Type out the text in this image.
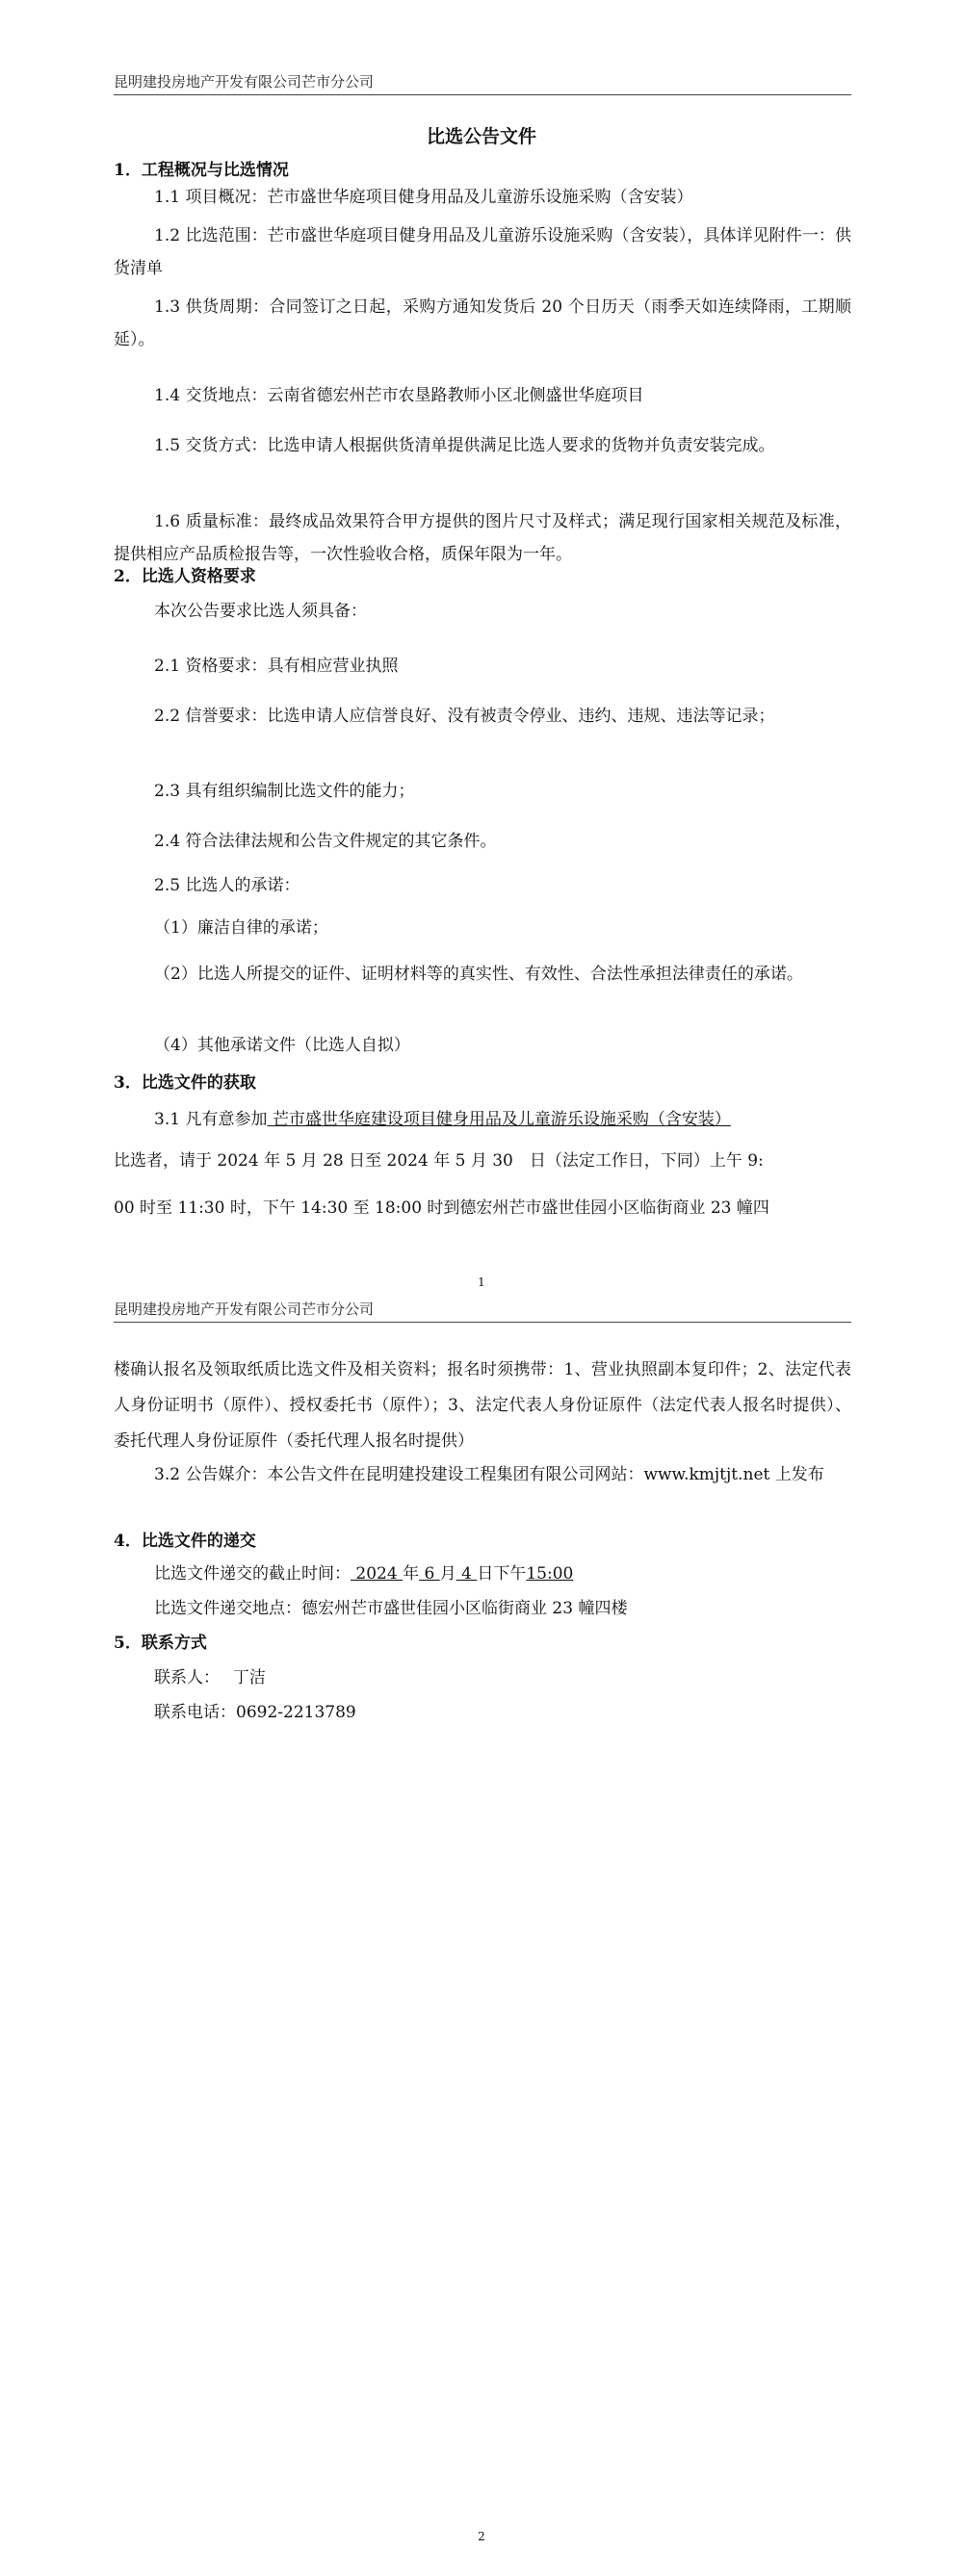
昆明建投房地产开发有限公司芒市分公司
比选公告文件
1．工程概况与比选情况
1.1 项目概况：芒市盛世华庭项目健身用品及儿童游乐设施采购（含安装）
1.2 比选范围：芒市盛世华庭项目健身用品及儿童游乐设施采购（含安装），具体详见附件一：供货清单
1.3 供货周期：合同签订之日起，采购方通知发货后 20 个日历天（雨季天如连续降雨，工期顺延）。
1.4 交货地点：云南省德宏州芒市农垦路教师小区北侧盛世华庭项目
1.5 交货方式：比选申请人根据供货清单提供满足比选人要求的货物并负责安装完成。
1.6 质量标准：最终成品效果符合甲方提供的图片尺寸及样式；满足现行国家相关规范及标准，提供相应产品质检报告等，一次性验收合格，质保年限为一年。
2．比选人资格要求
本次公告要求比选人须具备：
2.1 资格要求：具有相应营业执照
2.2 信誉要求：比选申请人应信誉良好、没有被责令停业、违约、违规、违法等记录；
2.3 具有组织编制比选文件的能力；
2.4 符合法律法规和公告文件规定的其它条件。
2.5 比选人的承诺：
（1）廉洁自律的承诺；
（2）比选人所提交的证件、证明材料等的真实性、有效性、合法性承担法律责任的承诺。
（4）其他承诺文件（比选人自拟）
3．比选文件的获取
3.1 凡有意参加 芒市盛世华庭建设项目健身用品及儿童游乐设施采购（含安装）
比选者，请于 2024 年 5 月 28 日至 2024 年 5 月 30　日（法定工作日，下同）上午 9:
00 时至 11:30 时，下午 14:30 至 18:00 时到德宏州芒市盛世佳园小区临街商业 23 幢四
1
昆明建投房地产开发有限公司芒市分公司
楼确认报名及领取纸质比选文件及相关资料；报名时须携带：1、营业执照副本复印件；2、法定代表人身份证明书（原件）、授权委托书（原件）；3、法定代表人身份证原件（法定代表人报名时提供）、委托代理人身份证原件（委托代理人报名时提供）
3.2 公告媒介：本公告文件在昆明建投建设工程集团有限公司网站：www.kmjtjt.net 上发布
4．比选文件的递交
比选文件递交的截止时间： 2024 年 6 月 4 日下午15:00
比选文件递交地点：德宏州芒市盛世佳园小区临街商业 23 幢四楼
5．联系方式
联系人：　 丁洁
联系电话：0692-2213789
2
